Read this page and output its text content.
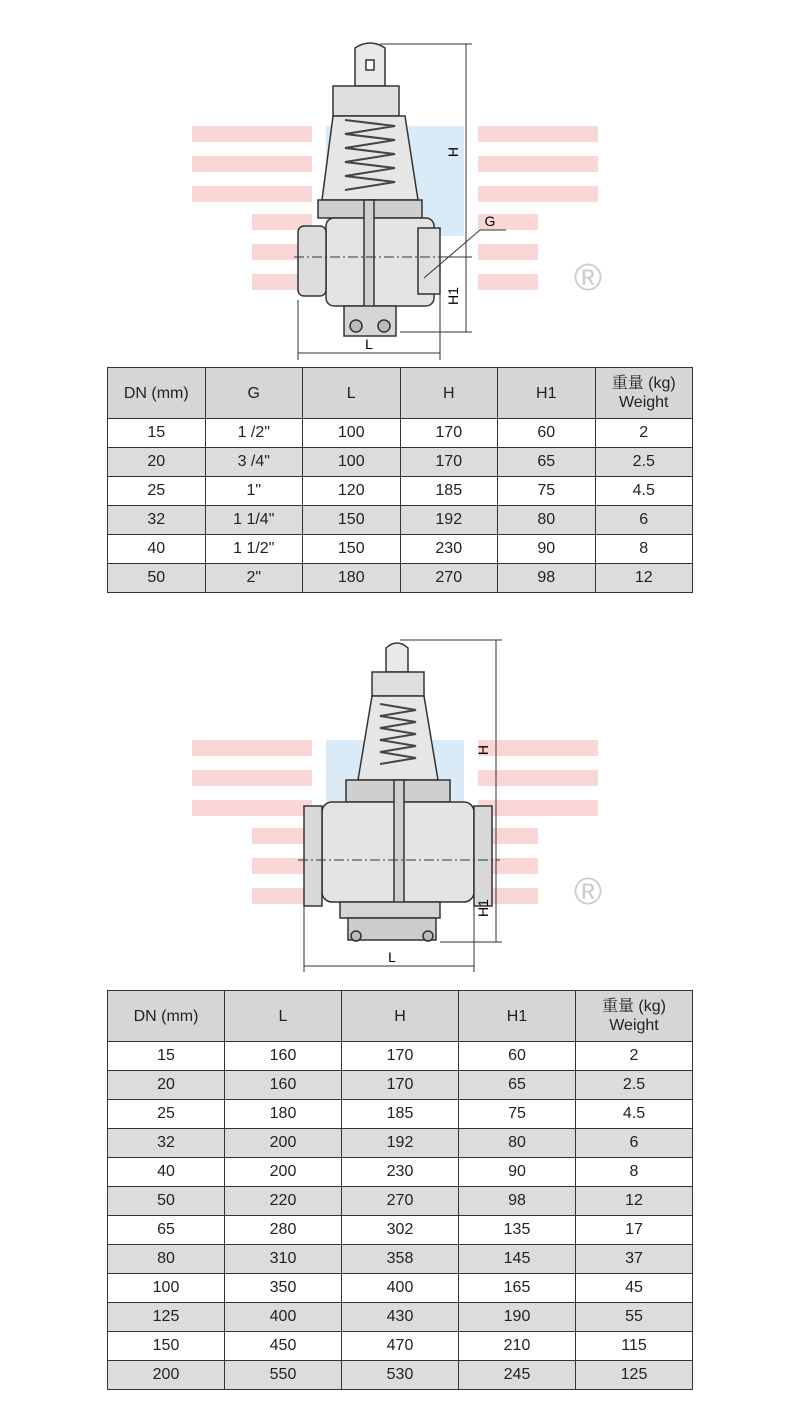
®
H
H1
G
L
DN (mm)	G	L	H	H1	重量 (kg)
Weight

15	1 /2"	100	170	60	2
20	3 /4"	100	170	65	2.5
25	1"	120	185	75	4.5
32	1 1/4"	150	192	80	6
40	1 1/2"	150	230	90	8
50	2"	180	270	98	12
®
H
H1
L
DN (mm)	L	H	H1	重量 (kg)
Weight

15	160	170	60	2
20	160	170	65	2.5
25	180	185	75	4.5
32	200	192	80	6
40	200	230	90	8
50	220	270	98	12
65	280	302	135	17
80	310	358	145	37
100	350	400	165	45
125	400	430	190	55
150	450	470	210	115
200	550	530	245	125
